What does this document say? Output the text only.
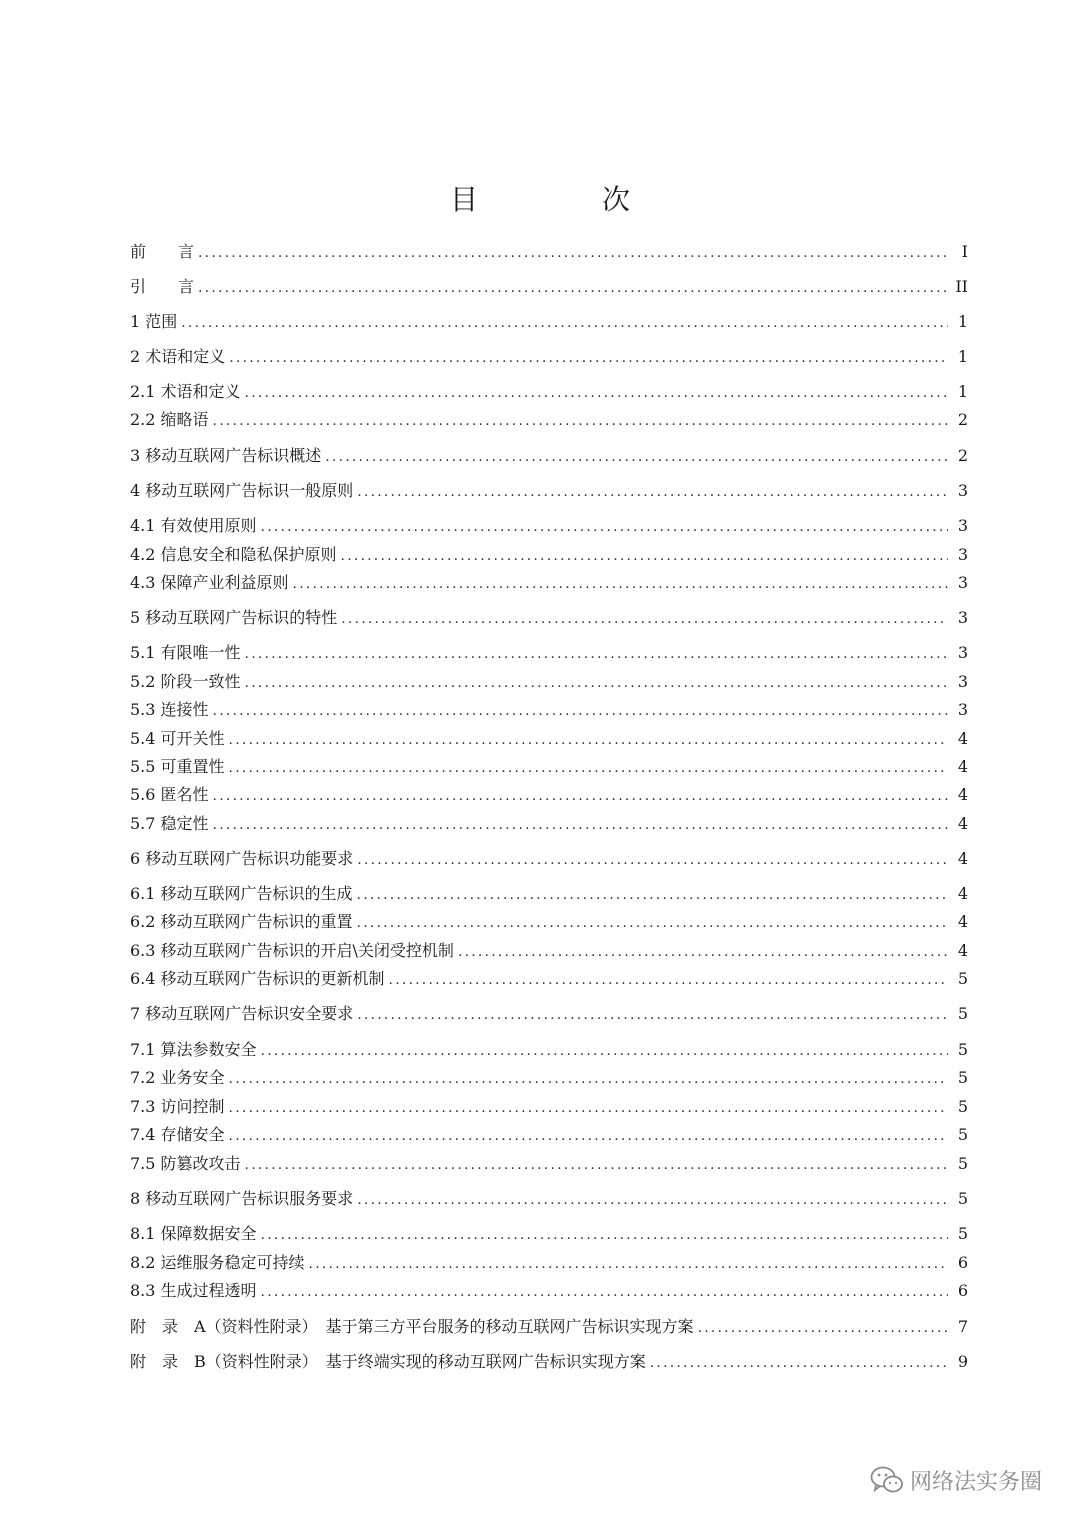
目　次
前　　言 .....	I
引　　言 .....	II
1 范围 .....	1
2 术语和定义 .....	1
2.1 术语和定义 .....	1
2.2 缩略语 .....	2
3 移动互联网广告标识概述 .....	2
4 移动互联网广告标识一般原则 .....	3
4.1 有效使用原则 .....	3
4.2 信息安全和隐私保护原则 .....	3
4.3 保障产业利益原则 .....	3
5 移动互联网广告标识的特性 .....	3
5.1 有限唯一性 .....	3
5.2 阶段一致性 .....	3
5.3 连接性 .....	3
5.4 可开关性 .....	4
5.5 可重置性 .....	4
5.6 匿名性 .....	4
5.7 稳定性 .....	4
6 移动互联网广告标识功能要求 .....	4
6.1 移动互联网广告标识的生成 .....	4
6.2 移动互联网广告标识的重置 .....	4
6.3 移动互联网广告标识的开启\关闭受控机制 .....	4
6.4 移动互联网广告标识的更新机制 .....	5
7 移动互联网广告标识安全要求 .....	5
7.1 算法参数安全 .....	5
7.2 业务安全 .....	5
7.3 访问控制 .....	5
7.4 存储安全 .....	5
7.5 防篡改攻击 .....	5
8 移动互联网广告标识服务要求 .....	5
8.1 保障数据安全 .....	5
8.2 运维服务稳定可持续 .....	6
8.3 生成过程透明 .....	6
附　录　A（资料性附录）　基于第三方平台服务的移动互联网广告标识实现方案 .....	7
附　录　B（资料性附录）　基于终端实现的移动互联网广告标识实现方案 .....	9
网络法实务圈
